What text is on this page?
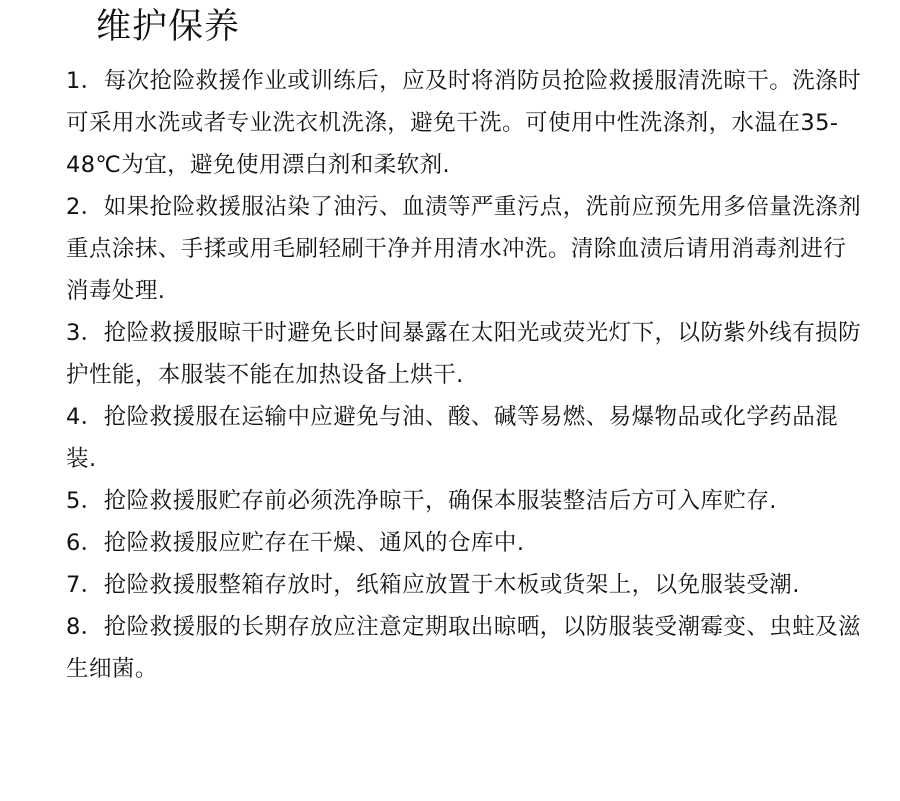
维护保养
1．每次抢险救援作业或训练后，应及时将消防员抢险救援服清洗晾干。洗涤时可采用水洗或者专业洗衣机洗涤，避免干洗。可使用中性洗涤剂，水温在35-48℃为宜，避免使用漂白剂和柔软剂.
2．如果抢险救援服沾染了油污、血渍等严重污点，洗前应预先用多倍量洗涤剂重点涂抹、手揉或用毛刷轻刷干净并用清水冲洗。清除血渍后请用消毒剂进行消毒处理.
3．抢险救援服晾干时避免长时间暴露在太阳光或荧光灯下，以防紫外线有损防护性能，本服装不能在加热设备上烘干.
4．抢险救援服在运输中应避免与油、酸、碱等易燃、易爆物品或化学药品混装.
5．抢险救援服贮存前必须洗净晾干，确保本服装整洁后方可入库贮存.
6．抢险救援服应贮存在干燥、通风的仓库中.
7．抢险救援服整箱存放时，纸箱应放置于木板或货架上，以免服装受潮.
8．抢险救援服的长期存放应注意定期取出晾晒，以防服装受潮霉变、虫蛀及滋生细菌。
